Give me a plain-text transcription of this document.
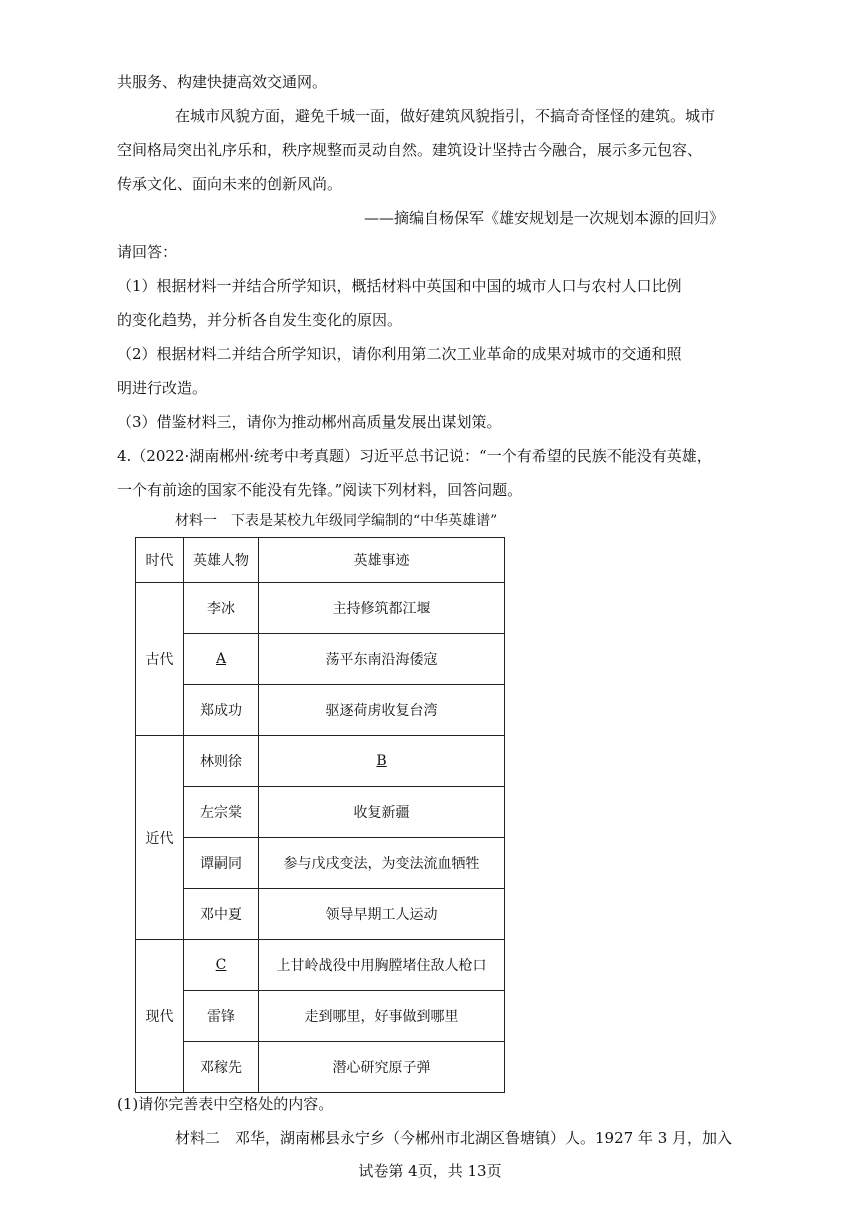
共服务、构建快捷高效交通网。
在城市风貌方面，避免千城一面，做好建筑风貌指引，不搞奇奇怪怪的建筑。城市
空间格局突出礼序乐和，秩序规整而灵动自然。建筑设计坚持古今融合，展示多元包容、
传承文化、面向未来的创新风尚。
——摘编自杨保军《雄安规划是一次规划本源的回归》
请回答：
（1）根据材料一并结合所学知识，概括材料中英国和中国的城市人口与农村人口比例
的变化趋势，并分析各自发生变化的原因。
（2）根据材料二并结合所学知识，请你利用第二次工业革命的成果对城市的交通和照
明进行改造。
（3）借鉴材料三，请你为推动郴州高质量发展出谋划策。
4.（2022·湖南郴州·统考中考真题）习近平总书记说：“一个有希望的民族不能没有英雄，
一个有前途的国家不能没有先锋。”阅读下列材料，回答问题。
材料一　下表是某校九年级同学编制的“中华英雄谱”
时代	英雄人物	英雄事迹
古代	李冰	主持修筑都江堰
	A	荡平东南沿海倭寇
	郑成功	驱逐荷虏收复台湾
近代	林则徐	B
	左宗棠	收复新疆
	谭嗣同	参与戊戌变法，为变法流血牺牲
	邓中夏	领导早期工人运动
现代	C	上甘岭战役中用胸膛堵住敌人枪口
	雷锋	走到哪里，好事做到哪里
	邓稼先	潜心研究原子弹
(1)请你完善表中空格处的内容。
材料二　邓华，湖南郴县永宁乡（今郴州市北湖区鲁塘镇）人。1927 年 3 月，加入
试卷第 4页，共 13页
